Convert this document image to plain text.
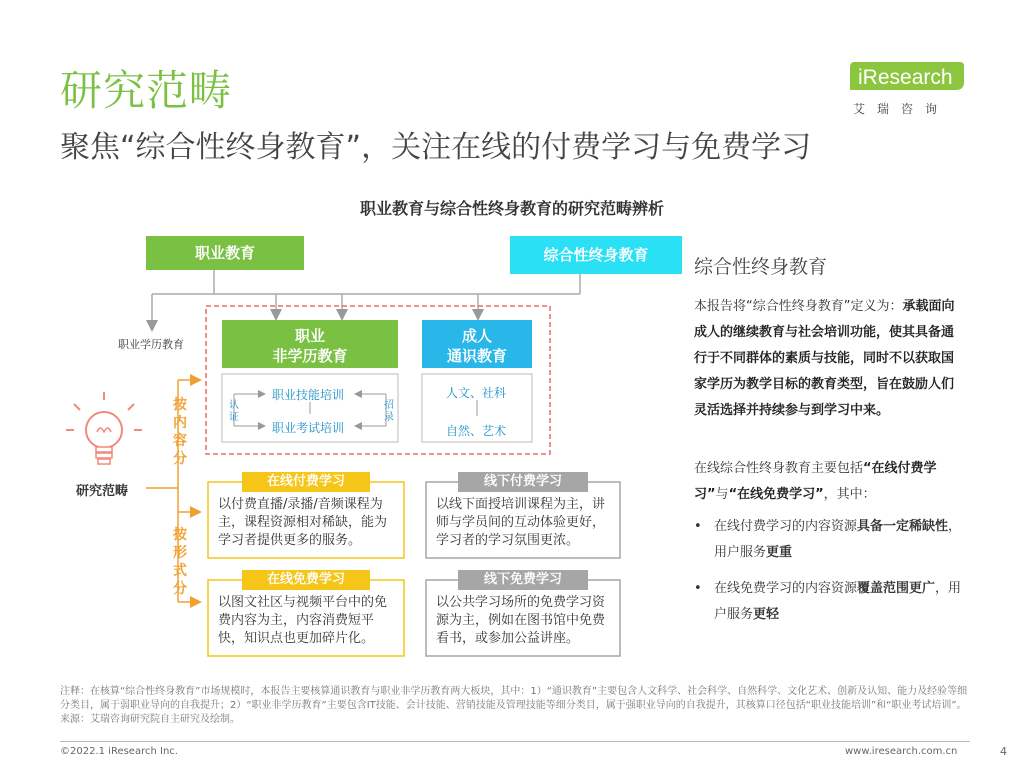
研究范畴
聚焦“综合性终身教育”，关注在线的付费学习与免费学习
iResearch
艾瑞咨询
职业教育与综合性终身教育的研究范畴辨析
职业教育	综合性终身教育
职业学历教育	职业
非学历教育
成人
通识教育
职业技能培训
职业考试培训
认证
招录
人文、社科
自然、艺术
按内容分
按形式分
研究范畴
在线付费学习	线下付费学习
在线免费学习	线下免费学习
以付费直播/录播/音频课程为主，课程资源相对稀缺，能为学习者提供更多的服务。
以线下面授培训课程为主，讲师与学员间的互动体验更好，学习者的学习氛围更浓。
以图文社区与视频平台中的免费内容为主，内容消费短平快，知识点也更加碎片化。
以公共学习场所的免费学习资源为主，例如在图书馆中免费看书，或参加公益讲座。
综合性终身教育
本报告将“综合性终身教育”定义为：承载面向成人的继续教育与社会培训功能，使其具备通行于不同群体的素质与技能，同时不以获取国家学历为教学目标的教育类型，旨在鼓励人们灵活选择并持续参与到学习中来。
在线综合性终身教育主要包括“在线付费学习”与“在线免费学习”，其中：
• 在线付费学习的内容资源具备一定稀缺性，用户服务更重
• 在线免费学习的内容资源覆盖范围更广，用户服务更轻
注释：在核算“综合性终身教育”市场规模时，本报告主要核算通识教育与职业非学历教育两大板块，其中：1）“通识教育”主要包含人文科学、社会科学、自然科学、文化艺术、创新及认知、能力及经验等细分类目，属于弱职业导向的自我提升；2）“职业非学历教育”主要包含IT技能、会计技能、营销技能及管理技能等细分类目，属于强职业导向的自我提升，其核算口径包括“职业技能培训”和“职业考试培训”。
来源：艾瑞咨询研究院自主研究及绘制。
©2022.1 iResearch Inc.	www.iresearch.com.cn	4
